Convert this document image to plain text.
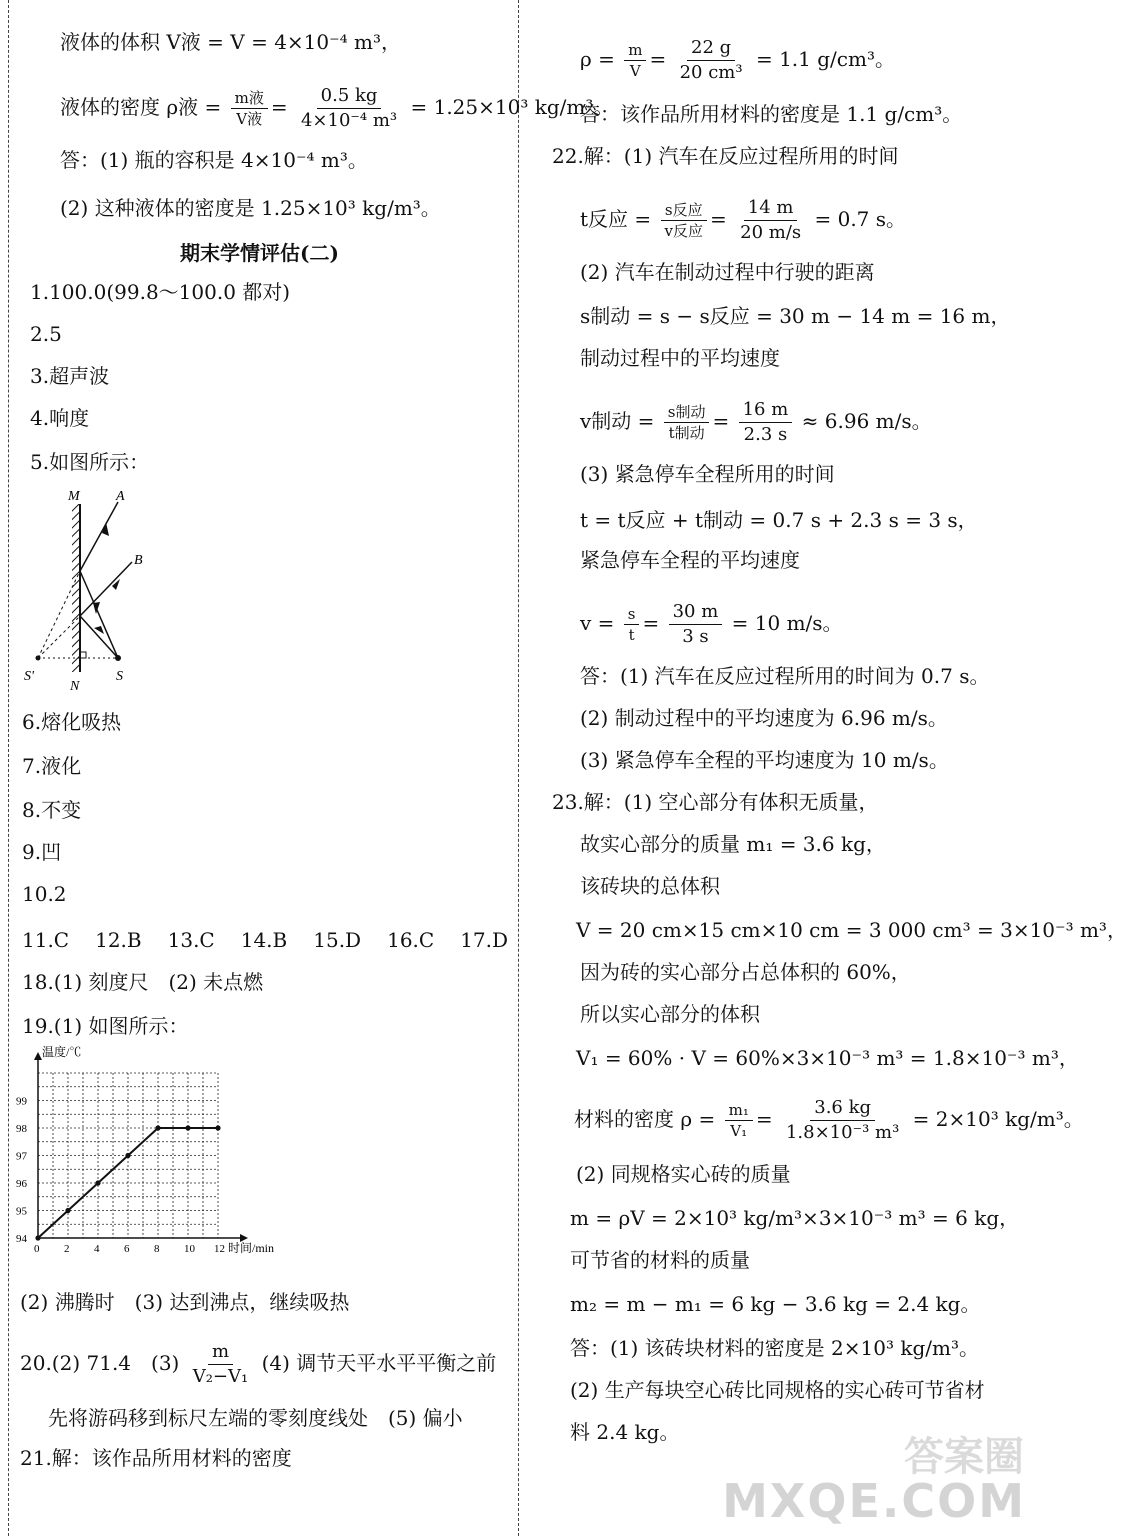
液体的体积 V液 = V = 4×10⁻⁴ m³，
液体的密度 ρ液 = m液
V液 = $\frac{0.5 kg}{\text{4×10⁻⁴ m³}} = 1.25\times 10^3$ kg/m³。
答：(1) 瓶的容积是 4×10⁻⁴ m³。
(2) 这种液体的密度是 1.25×10³ kg/m³。
期末学情评估(二)
1.100.0(99.8～100.0 都对)
2.5
3.超声波
4.响度
5.如图所示：
M
N
A
B
S
S'
6.熔化吸热
7.液化
8.不变
9.凹
10.2
11.C 12.B 13.C 14.B 15.D 16.C 17.D
18.(1) 刻度尺　(2) 未点燃
19.(1) 如图所示：
0 2 4 6 8 10 12
94
95
96
97
98
99
温度/℃
时间/min
(2) 沸腾时　(3) 达到沸点，继续吸热
20.(2) 71.4　$(3) \frac{m}{\text{V₂−V₁}} (4)$ 调节天平水平平衡之前
先将游码移到标尺左端的零刻度线处　(5) 偏小
21.解：该作品所用材料的密度
$\rho = \frac{m}{V} = \frac{22 g}{\text{20 cm³}} = 1.1$ g/cm³。
答：该作品所用材料的密度是 1.1 g/cm³。
22.解：(1) 汽车在反应过程所用的时间
t反应 = s反应
v反应 = $\frac{14 m}{20 m/s} = 0.7$ s。
(2) 汽车在制动过程中行驶的距离
s制动 = s − s反应 = 30 m − 14 m = 16 m，
制动过程中的平均速度
v制动 = s制动
t制动 = $\frac{16 m}{2.3 s} \approx 6.96$ m/s。
(3) 紧急停车全程所用的时间
t = t反应 + t制动 = 0.7 s + 2.3 s = 3 s，
紧急停车全程的平均速度
$v = \frac{s}{t} = \frac{30 m}{3 s} = 10$ m/s。
答：(1) 汽车在反应过程所用的时间为 0.7 s。
(2) 制动过程中的平均速度为 6.96 m/s。
(3) 紧急停车全程的平均速度为 10 m/s。
23.解：(1) 空心部分有体积无质量，
故实心部分的质量 m₁ = 3.6 kg，
该砖块的总体积
V = 20 cm×15 cm×10 cm = 3 000 cm³ = 3×10⁻³ m³，
因为砖的实心部分占总体积的 60%，
所以实心部分的体积
V₁ = 60% · V = 60%×3×10⁻³ m³ = 1.8×10⁻³ m³，
材料的密度 $\rho = \frac{\text{m₁}}{\text{V₁}} = \frac{3.6 kg}{\text{1.8×10⁻³ m³}} = 2\times 10^3$ kg/m³。
(2) 同规格实心砖的质量
m = ρV = 2×10³ kg/m³×3×10⁻³ m³ = 6 kg，
可节省的材料的质量
m₂ = m − m₁ = 6 kg − 3.6 kg = 2.4 kg。
答：(1) 该砖块材料的密度是 2×10³ kg/m³。
(2) 生产每块空心砖比同规格的实心砖可节省材
料 2.4 kg。
答案圈
MXQE.COM
